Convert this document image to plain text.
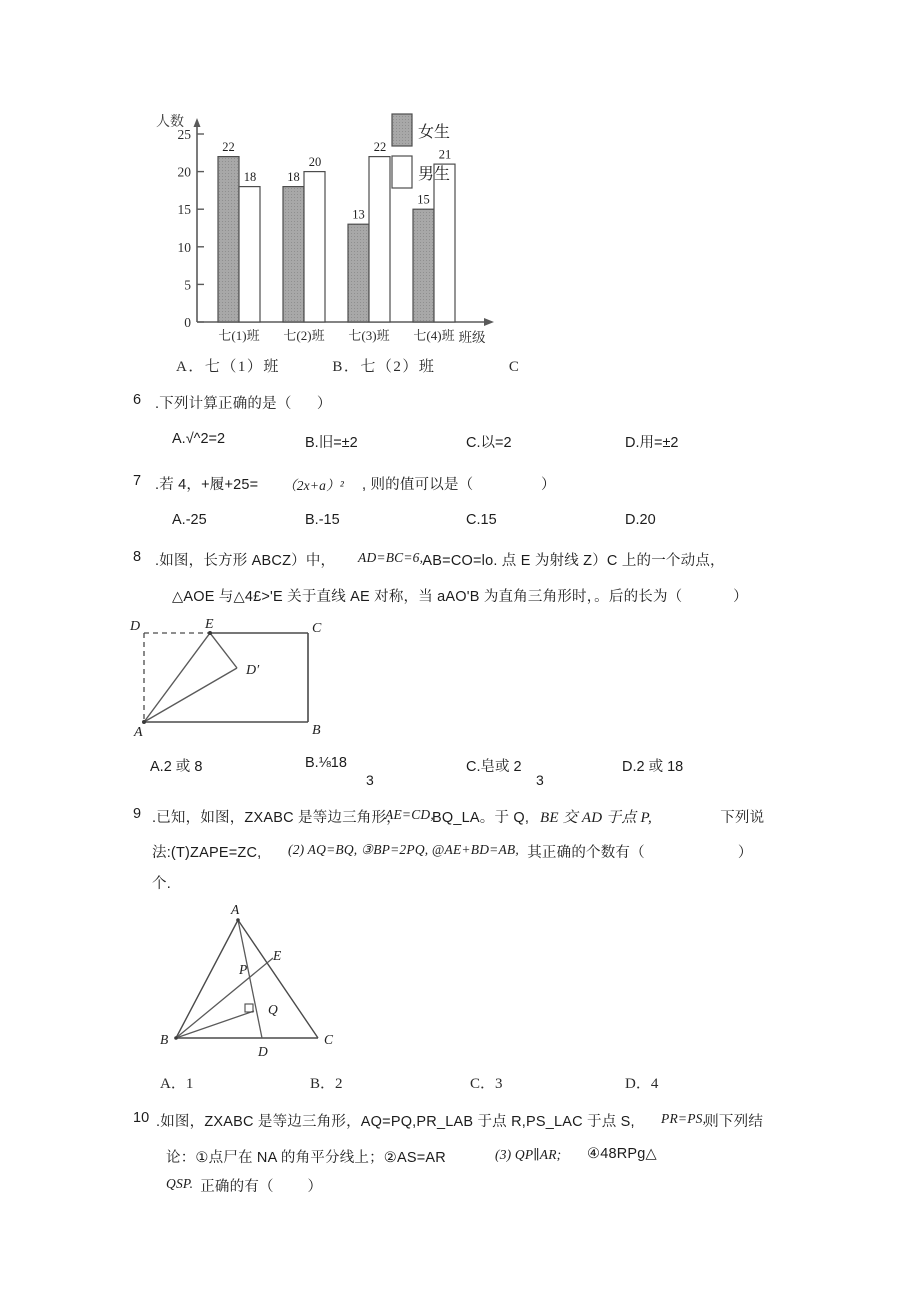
人数
0
5
10
15
20
25
22
18 18
20
13
22
15
21
七(1)班 七(2)班 七(3)班 七(4)班 班级
女生
男生
A．七（1）班          B．七（2）班              C
6 .下列计算正确的是（      ）
A.√^2=2	B.旧=±2	C.以=2	D.用=±2
7 .若 4，+履+25= （2x+a）² , 则的值可以是（                ）
A.-25	B.-15	C.15	D.20
8 .如图，长方形 ABCZ）中， AD=BC=6,
AB=CO=lo. 点 E 为射线 Z）C 上的一个动点，
△AOE 与△4£>'E 关于直线 AE 对称，当 aAO'B 为直角三角形时，。后的长为（            ）
D	E	C
D′
A	B
A.2 或 8	B.⅛18
3
C.皂或 2
3
D.2 或 18
9 .已知，如图，ZXABC 是等边三角形，
AE=CD,
BQ_LA。于 Q, BE 交 AD 于点 P,	下列说
法:(T)ZAPE=ZC, (2) AQ=BQ, ③BP=2PQ, @AE+BD=AB, 其正确的个数有（                      ）
个.
A
E
P
Q
B
D
C
A．1	B．2	C．3	D．4
10 .如图，ZXABC 是等边三角形，AQ=PQ,PR_LAB 于点 R,PS_LAC 于点 S, PR=PS,
则下列结
论：①点尸在 NA 的角平分线上；②AS=AR	(3) QP∥AR; ④48RPg△
QSP. 正确的有（        ）
